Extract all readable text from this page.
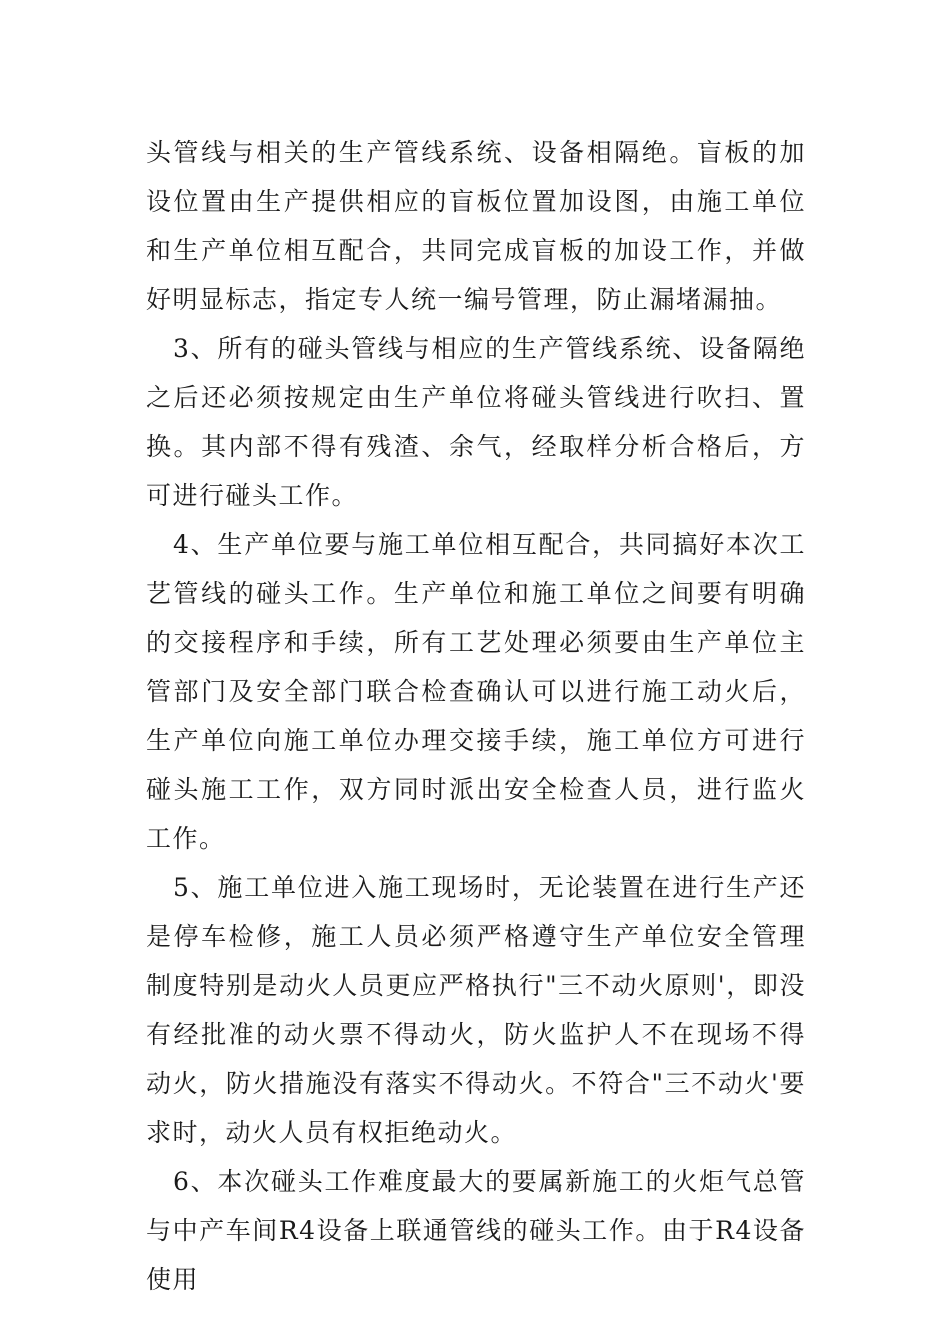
头管线与相关的生产管线系统、设备相隔绝。盲板的加设位置由生产提供相应的盲板位置加设图，由施工单位和生产单位相互配合，共同完成盲板的加设工作，并做好明显标志，指定专人统一编号管理，防止漏堵漏抽。

3、所有的碰头管线与相应的生产管线系统、设备隔绝之后还必须按规定由生产单位将碰头管线进行吹扫、置换。其内部不得有残渣、余气，经取样分析合格后，方可进行碰头工作。

4、生产单位要与施工单位相互配合，共同搞好本次工艺管线的碰头工作。生产单位和施工单位之间要有明确的交接程序和手续，所有工艺处理必须要由生产单位主管部门及安全部门联合检查确认可以进行施工动火后，生产单位向施工单位办理交接手续，施工单位方可进行碰头施工工作，双方同时派出安全检查人员，进行监火工作。

5、施工单位进入施工现场时，无论装置在进行生产还是停车检修，施工人员必须严格遵守生产单位安全管理制度特别是动火人员更应严格执行"三不动火原则'，即没有经批准的动火票不得动火，防火监护人不在现场不得动火，防火措施没有落实不得动火。不符合"三不动火'要求时，动火人员有权拒绝动火。

6、本次碰头工作难度最大的要属新施工的火炬气总管与中产车间R4设备上联通管线的碰头工作。由于R4设备使用
